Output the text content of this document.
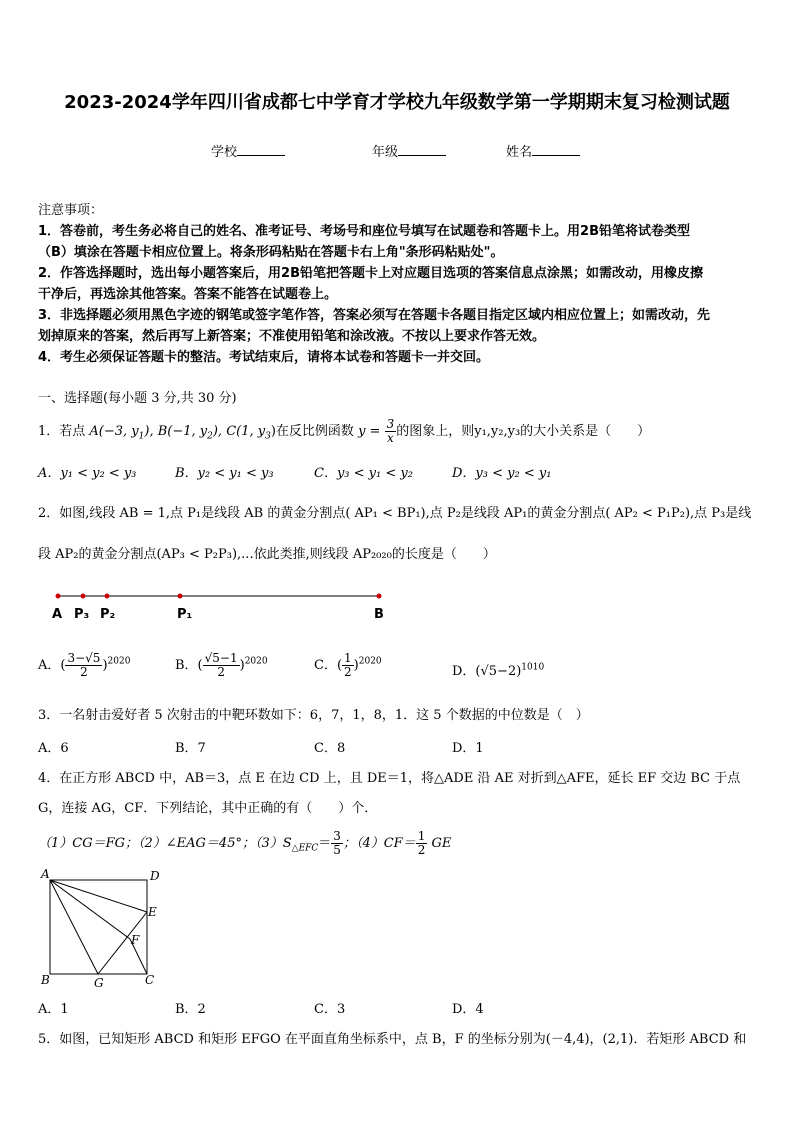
2023-2024学年四川省成都七中学育才学校九年级数学第一学期期末复习检测试题
学校	年级	姓名
注意事项：
1．答卷前，考生务必将自己的姓名、准考证号、考场号和座位号填写在试题卷和答题卡上。用2B铅笔将试卷类型
（B）填涂在答题卡相应位置上。将条形码粘贴在答题卡右上角"条形码粘贴处"。
2．作答选择题时，选出每小题答案后，用2B铅笔把答题卡上对应题目选项的答案信息点涂黑；如需改动，用橡皮擦
干净后，再选涂其他答案。答案不能答在试题卷上。
3．非选择题必须用黑色字迹的钢笔或签字笔作答，答案必须写在答题卡各题目指定区域内相应位置上；如需改动，先
划掉原来的答案，然后再写上新答案；不准使用铅笔和涂改液。不按以上要求作答无效。
4．考生必须保证答题卡的整洁。考试结束后，请将本试卷和答题卡一并交回。
一、选择题(每小题 3 分,共 30 分)
1．若点 A(−3, $y_1$), B(−1, $y_2$), C(1, $y_3$)在反比例函数 $y = \frac{3}{x}$ 的图象上，则y₁,y₂,y₃的大小关系是（　　）
A．y₁ < y₂ < y₃	B．y₂ < y₁ < y₃	C．y₃ < y₁ < y₂	D．y₃ < y₂ < y₁
2．如图,线段 AB = 1,点 P₁是线段 AB 的黄金分割点( AP₁ < BP₁),点 P₂是线段 AP₁的黄金分割点( AP₂ < P₁P₂),点 P₃是线
段 AP₂的黄金分割点(AP₃ < P₂P₃),...依此类推,则线段 AP₂₀₂₀的长度是（　　）
A P₃ P₂	P₁	B
A．( $\frac{3-√5}{2} )^{2020}$	B．( $\frac{√5-1}{2} )^{2020}$	C．( $\frac{1}{2} )^{2020}$
D．$(√5-2)^{1010}$
3．一名射击爱好者 5 次射击的中靶环数如下：6，7，1，8，1．这 5 个数据的中位数是（　）
A．6	B．7	C．8	D．1
4．在正方形 ABCD 中，AB＝3，点 E 在边 CD 上，且 DE＝1，将△ADE 沿 AE 对折到△AFE，延长 EF 交边 BC 于点
G，连接 AG，CF．下列结论，其中正确的有（　　）个．
（1）CG＝FG；（2）∠EAG＝45°；$(3)S_{\triangle EFC}= \frac{3}{5}$ ；$(4)CF= \frac{1}{2}$ GE
A	D
E
F
B	G	C
A．1	B．2	C．3	D．4
5．如图，已知矩形 ABCD 和矩形 EFGO 在平面直角坐标系中，点 B，F 的坐标分别为(－4,4)，(2,1)．若矩形 ABCD 和
